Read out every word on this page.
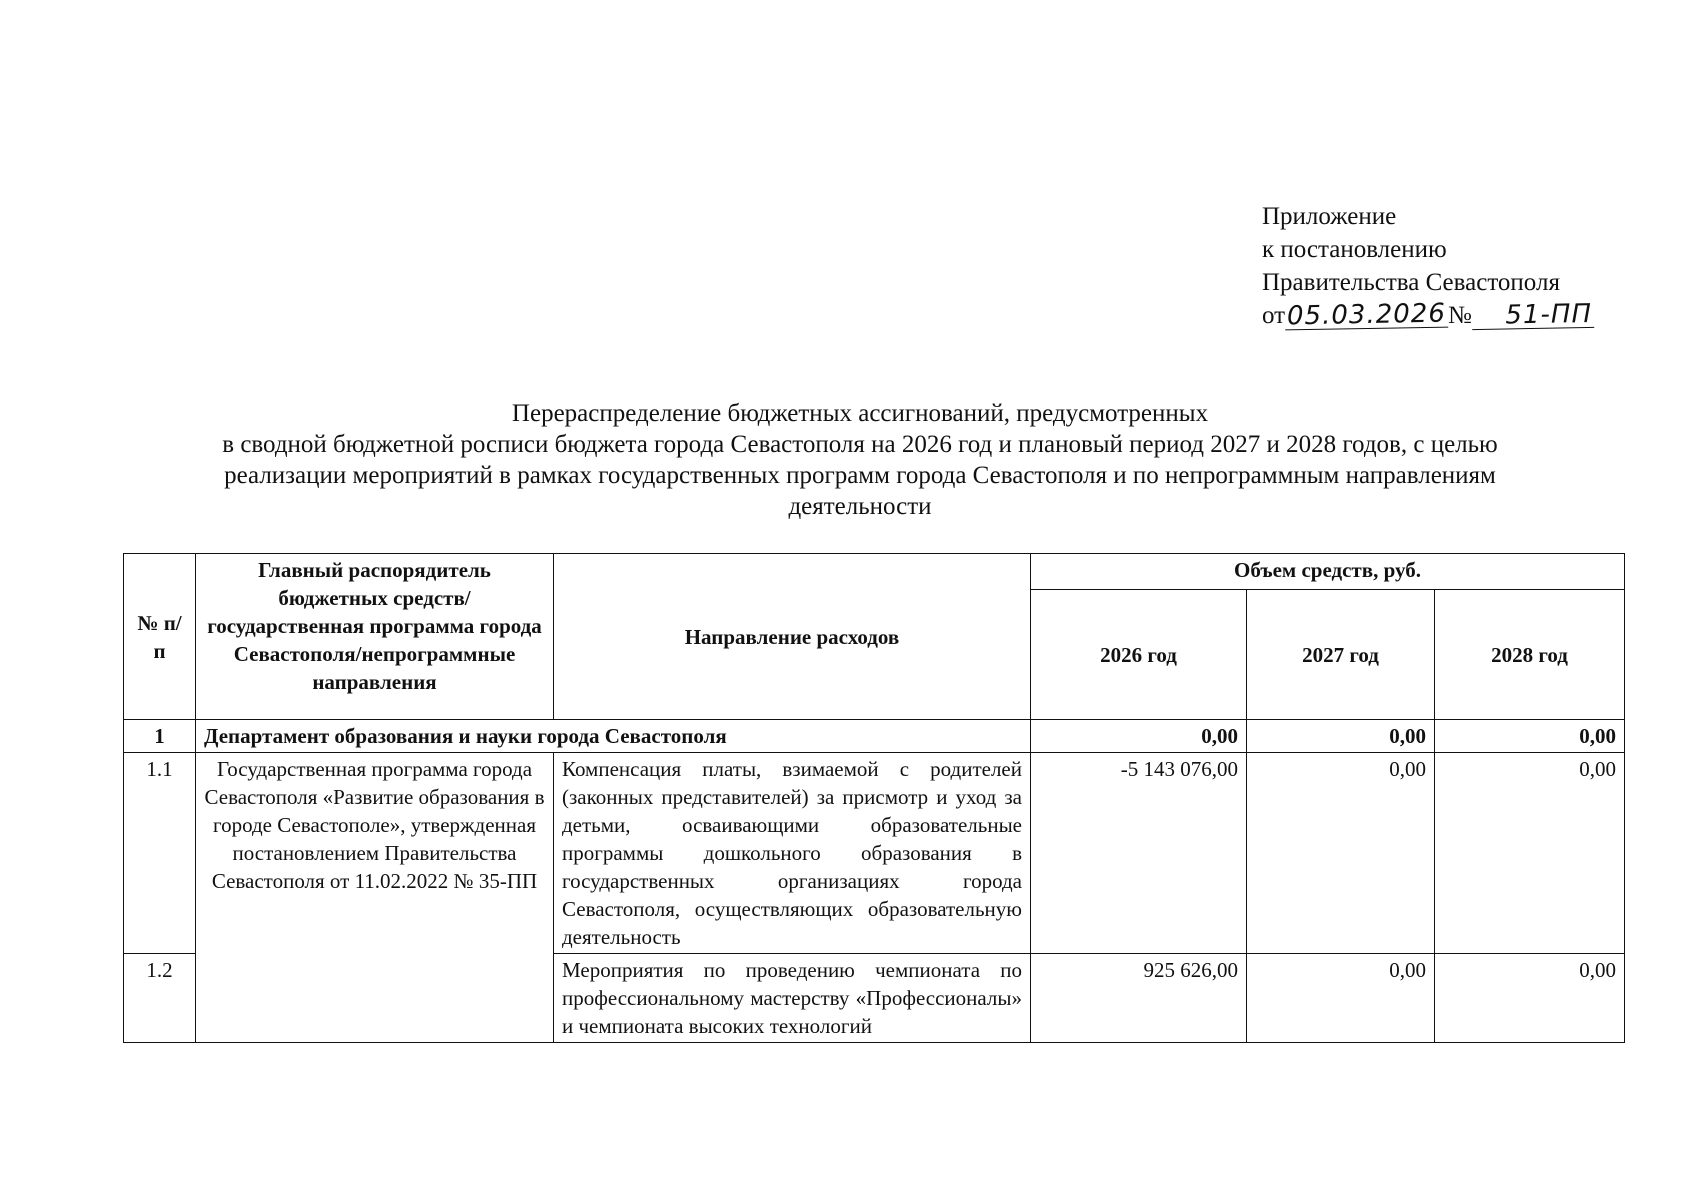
Приложение
к постановлению
Правительства Севастополя
от05.03.2026№ 51-ПП
Перераспределение бюджетных ассигнований, предусмотренных
в сводной бюджетной росписи бюджета города Севастополя на 2026 год и плановый период 2027 и 2028 годов, с целью
реализации мероприятий в рамках государственных программ города Севастополя и по непрограммным направлениям
деятельности
№ п/п	Главный распорядитель бюджетных средств/государственная программа города Севастополя/непрограммные направления	Направление расходов	Объем средств, руб.		
			2026 год	2027 год	2028 год
1	Департамент образования и науки города Севастополя		0,00	0,00	0,00
1.1	Государственная программа города Севастополя «Развитие образования в городе Севастополе», утвержденная постановлением Правительства Севастополя от 11.02.2022 № 35-ПП	Компенсация платы, взимаемой с родителей (законных представителей) за присмотр и уход за детьми, осваивающими образовательные программы дошкольного образования в государственных организациях города Севастополя, осуществляющих образовательную деятельность	-5 143 076,00	0,00	0,00
1.2		Мероприятия по проведению чемпионата по профессиональному мастерству «Профессионалы» и чемпионата высоких технологий	925 626,00	0,00	0,00
